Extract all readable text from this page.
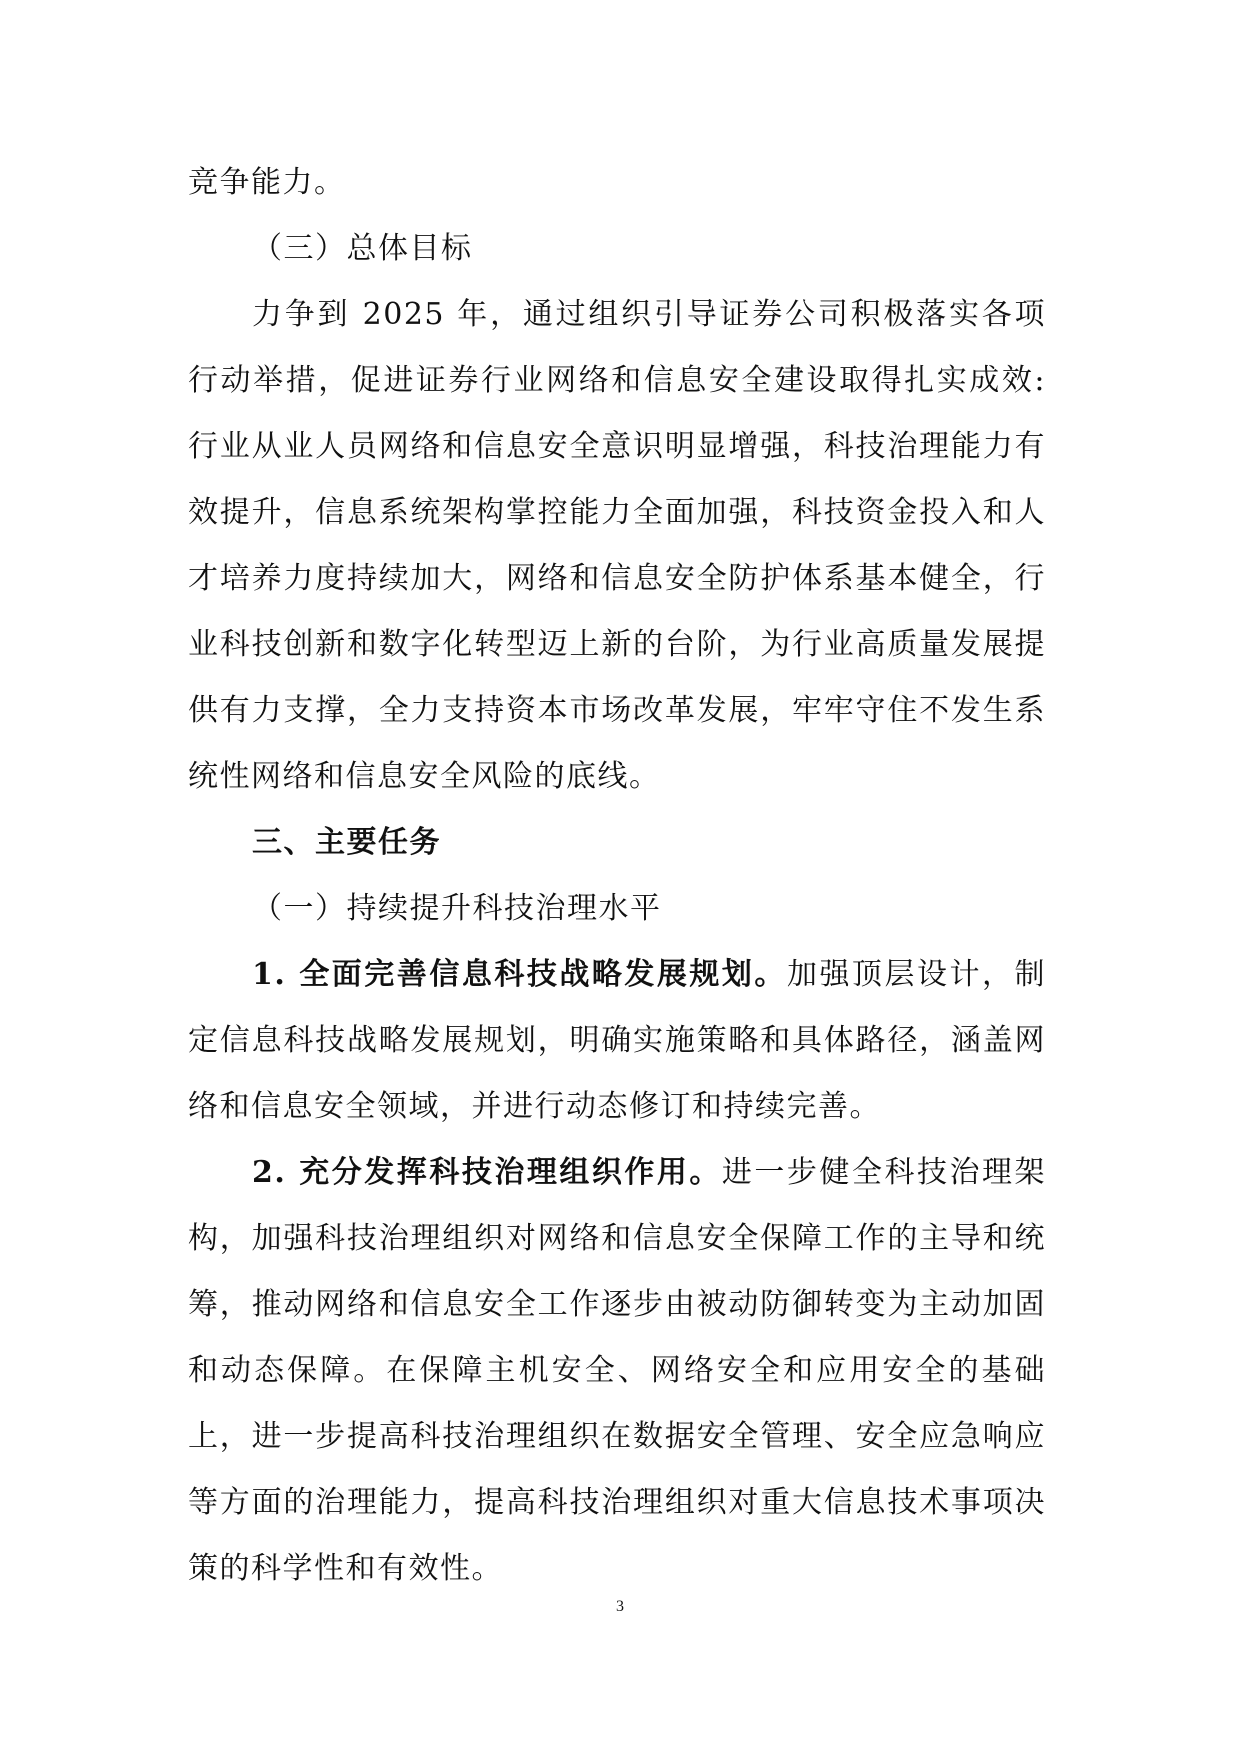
竞争能力。

（三）总体目标

力争到 2025 年，通过组织引导证券公司积极落实各项行动举措，促进证券行业网络和信息安全建设取得扎实成效:行业从业人员网络和信息安全意识明显增强，科技治理能力有效提升，信息系统架构掌控能力全面加强，科技资金投入和人才培养力度持续加大，网络和信息安全防护体系基本健全，行业科技创新和数字化转型迈上新的台阶，为行业高质量发展提供有力支撑，全力支持资本市场改革发展，牢牢守住不发生系统性网络和信息安全风险的底线。

三、主要任务

（一）持续提升科技治理水平

1. 全面完善信息科技战略发展规划。加强顶层设计，制定信息科技战略发展规划，明确实施策略和具体路径，涵盖网络和信息安全领域，并进行动态修订和持续完善。

2. 充分发挥科技治理组织作用。进一步健全科技治理架构，加强科技治理组织对网络和信息安全保障工作的主导和统筹，推动网络和信息安全工作逐步由被动防御转变为主动加固和动态保障。在保障主机安全、网络安全和应用安全的基础上，进一步提高科技治理组织在数据安全管理、安全应急响应等方面的治理能力，提高科技治理组织对重大信息技术事项决策的科学性和有效性。

3
